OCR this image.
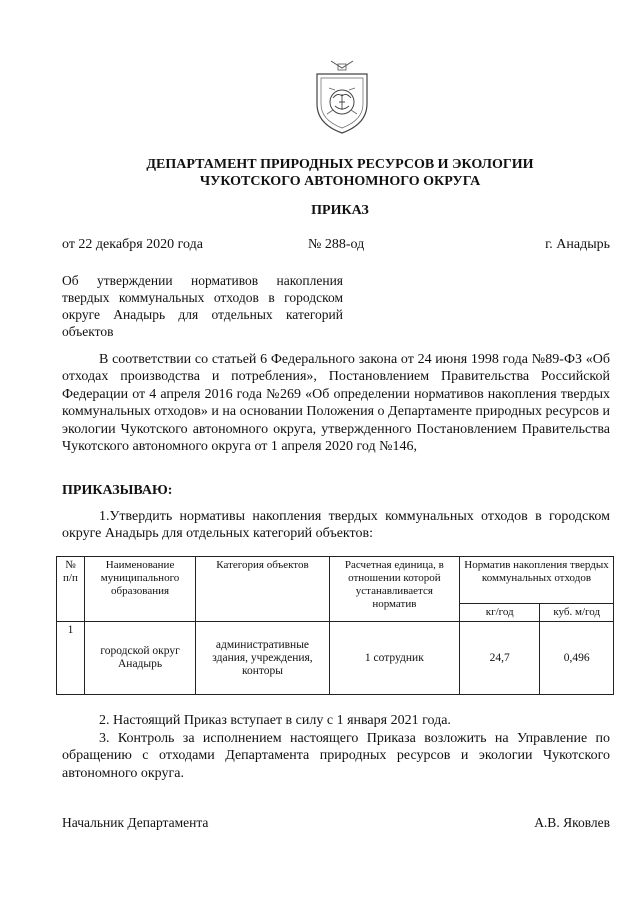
ДЕПАРТАМЕНТ ПРИРОДНЫХ РЕСУРСОВ И ЭКОЛОГИИ
ЧУКОТСКОГО АВТОНОМНОГО ОКРУГА
ПРИКАЗ
от 22 декабря 2020 года	№ 288-од	г. Анадырь
Об утверждении нормативов накопления твердых коммунальных отходов в городском округе Анадырь для отдельных категорий объектов
В соответствии со статьей 6 Федерального закона от 24 июня 1998 года №89-ФЗ «Об отходах производства и потребления», Постановлением Правительства Российской Федерации от 4 апреля 2016 года №269 «Об определении нормативов накопления твердых коммунальных отходов» и на основании Положения о Департаменте природных ресурсов и экологии Чукотского автономного округа, утвержденного Постановлением Правительства Чукотского автономного округа от 1 апреля 2020 год №146,
ПРИКАЗЫВАЮ:
1.Утвердить нормативы накопления твердых коммунальных отходов в городском округе Анадырь для отдельных категорий объектов:
№ п/п	Наименование муниципального образования	Категория объектов	Расчетная единица, в отношении которой устанавливается норматив	Норматив накопления твердых коммунальных отходов	
				кг/год	куб. м/год
1	городской округ Анадырь	административные здания, учреждения, конторы	1 сотрудник	24,7	0,496
2. Настоящий Приказ вступает в силу с 1 января 2021 года.
3. Контроль за исполнением настоящего Приказа возложить на Управление по обращению с отходами Департамента природных ресурсов и экологии Чукотского автономного округа.
Начальник Департамента	А.В. Яковлев
